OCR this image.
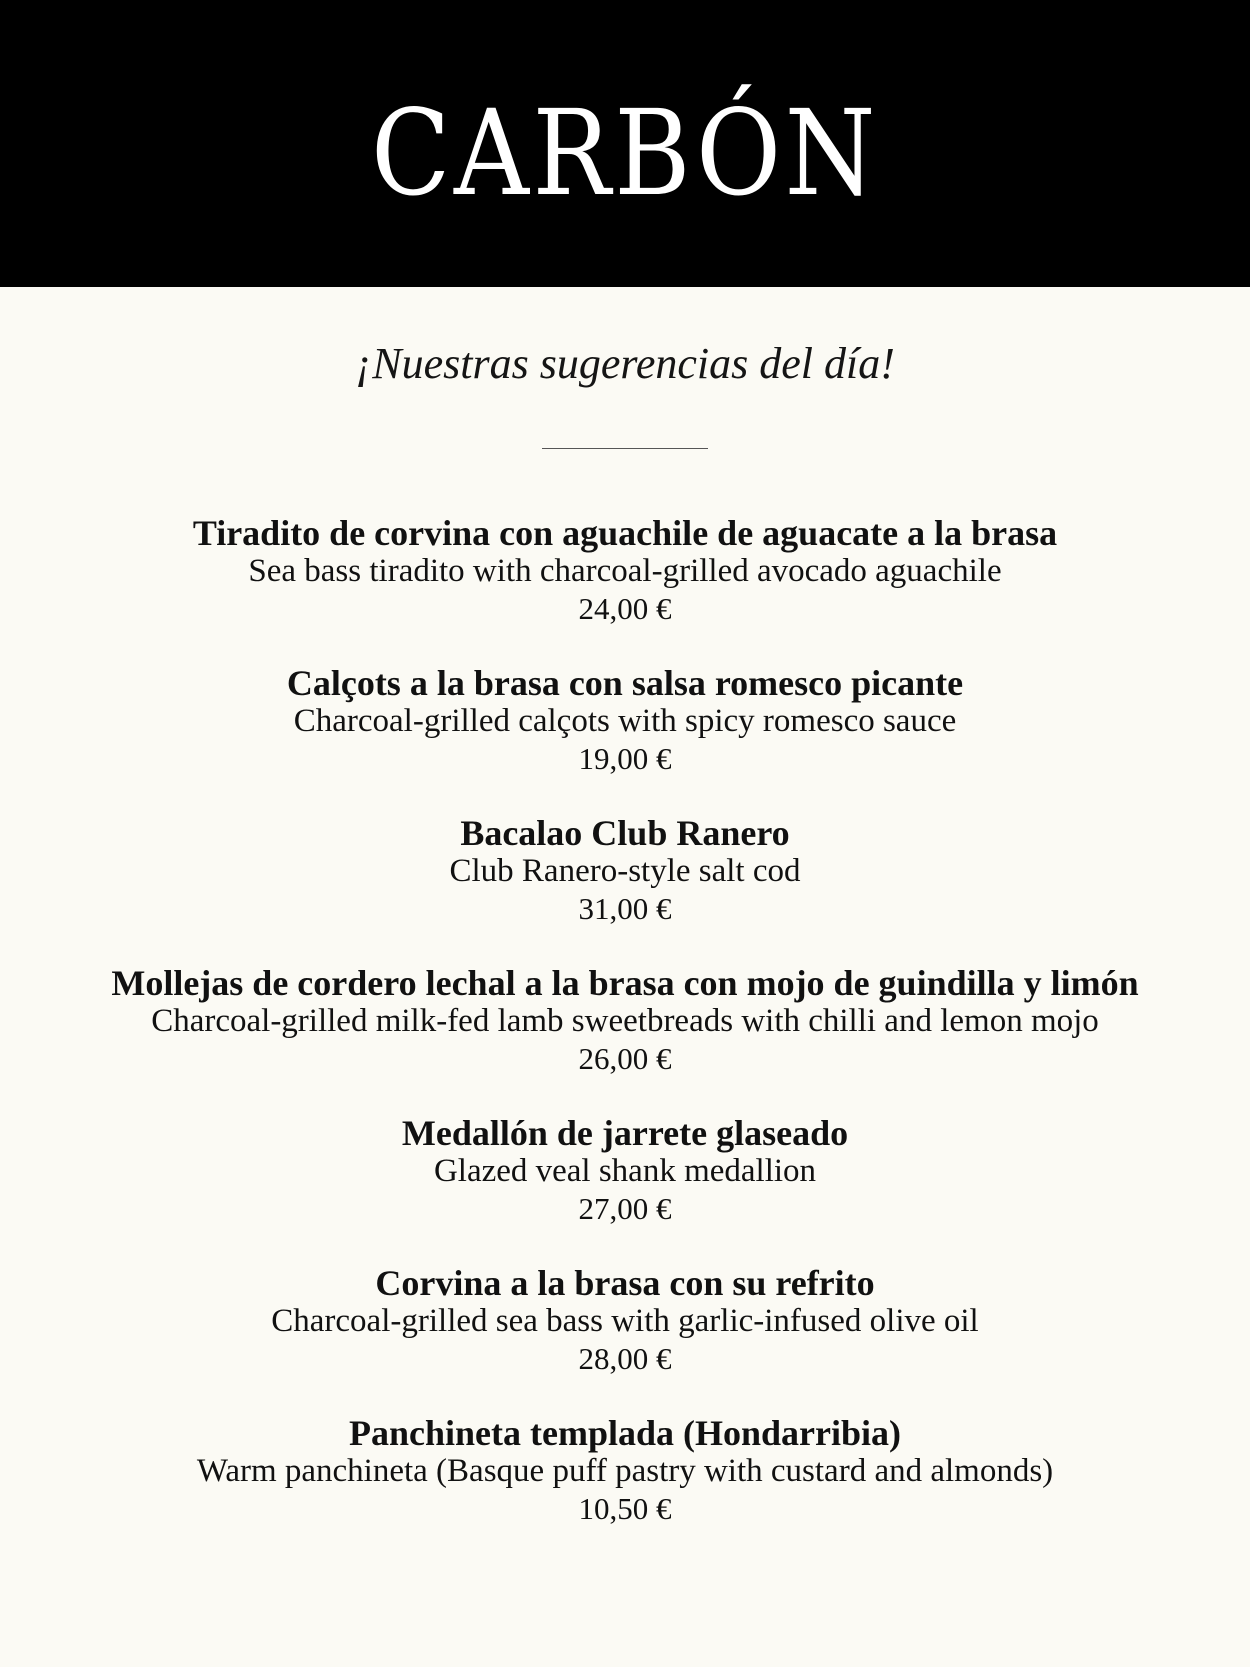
CARBÓN
¡Nuestras sugerencias del día!
Tiradito de corvina con aguachile de aguacate a la brasa
Sea bass tiradito with charcoal-grilled avocado aguachile
24,00 €
Calçots a la brasa con salsa romesco picante
Charcoal-grilled calçots with spicy romesco sauce
19,00 €
Bacalao Club Ranero
Club Ranero-style salt cod
31,00 €
Mollejas de cordero lechal a la brasa con mojo de guindilla y limón
Charcoal-grilled milk-fed lamb sweetbreads with chilli and lemon mojo
26,00 €
Medallón de jarrete glaseado
Glazed veal shank medallion
27,00 €
Corvina a la brasa con su refrito
Charcoal-grilled sea bass with garlic-infused olive oil
28,00 €
Panchineta templada (Hondarribia)
Warm panchineta (Basque puff pastry with custard and almonds)
10,50 €
